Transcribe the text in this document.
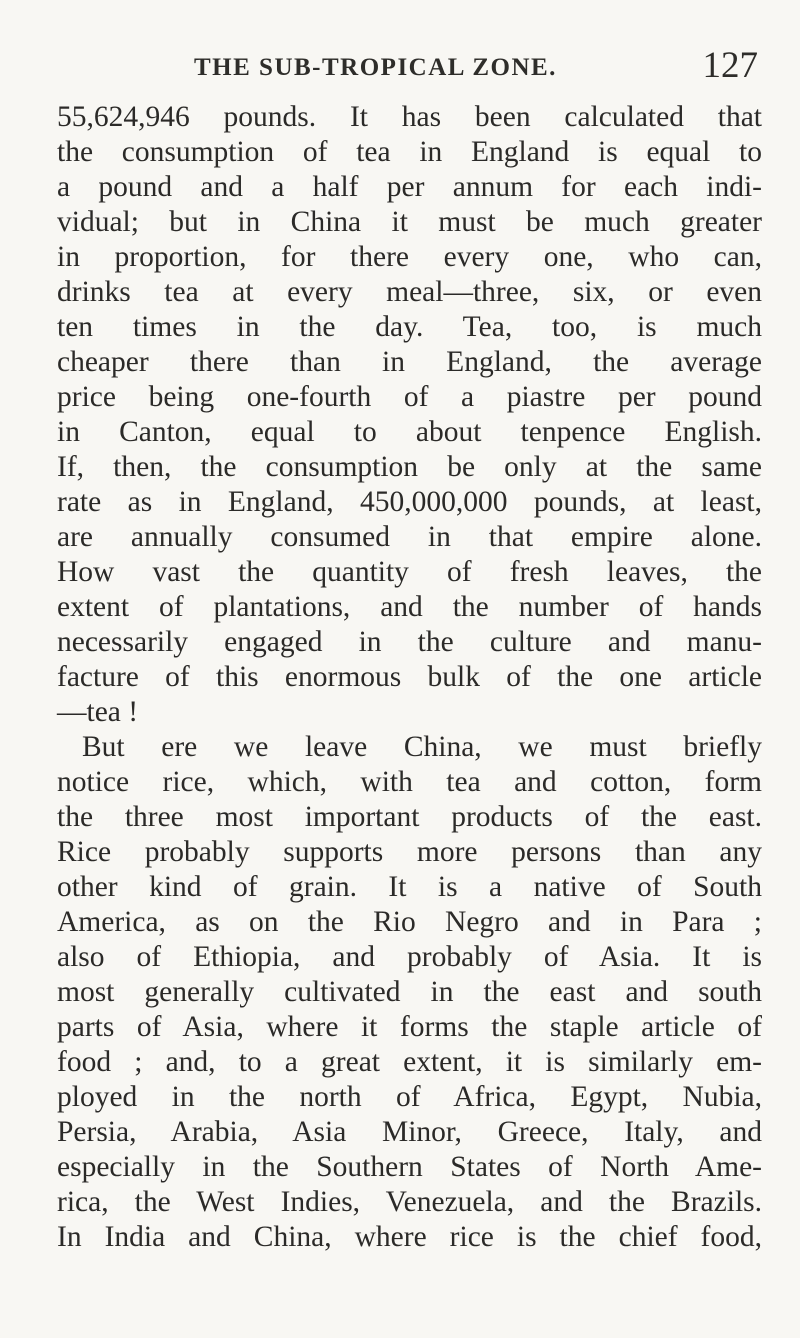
THE SUB-TROPICAL ZONE.	127
55,624,946 pounds. It has been calculated that
the consumption of tea in England is equal to
a pound and a half per annum for each indi-
vidual; but in China it must be much greater
in proportion, for there every one, who can,
drinks tea at every meal—three, six, or even
ten times in the day. Tea, too, is much
cheaper there than in England, the average
price being one-fourth of a piastre per pound
in Canton, equal to about tenpence English.
If, then, the consumption be only at the same
rate as in England, 450,000,000 pounds, at least,
are annually consumed in that empire alone.
How vast the quantity of fresh leaves, the
extent of plantations, and the number of hands
necessarily engaged in the culture and manu-
facture of this enormous bulk of the one article
—tea !
But ere we leave China, we must briefly
notice rice, which, with tea and cotton, form
the three most important products of the east.
Rice probably supports more persons than any
other kind of grain. It is a native of South
America, as on the Rio Negro and in Para ;
also of Ethiopia, and probably of Asia. It is
most generally cultivated in the east and south
parts of Asia, where it forms the staple article of
food ; and, to a great extent, it is similarly em-
ployed in the north of Africa, Egypt, Nubia,
Persia, Arabia, Asia Minor, Greece, Italy, and
especially in the Southern States of North Ame-
rica, the West Indies, Venezuela, and the Brazils.
In India and China, where rice is the chief food,
